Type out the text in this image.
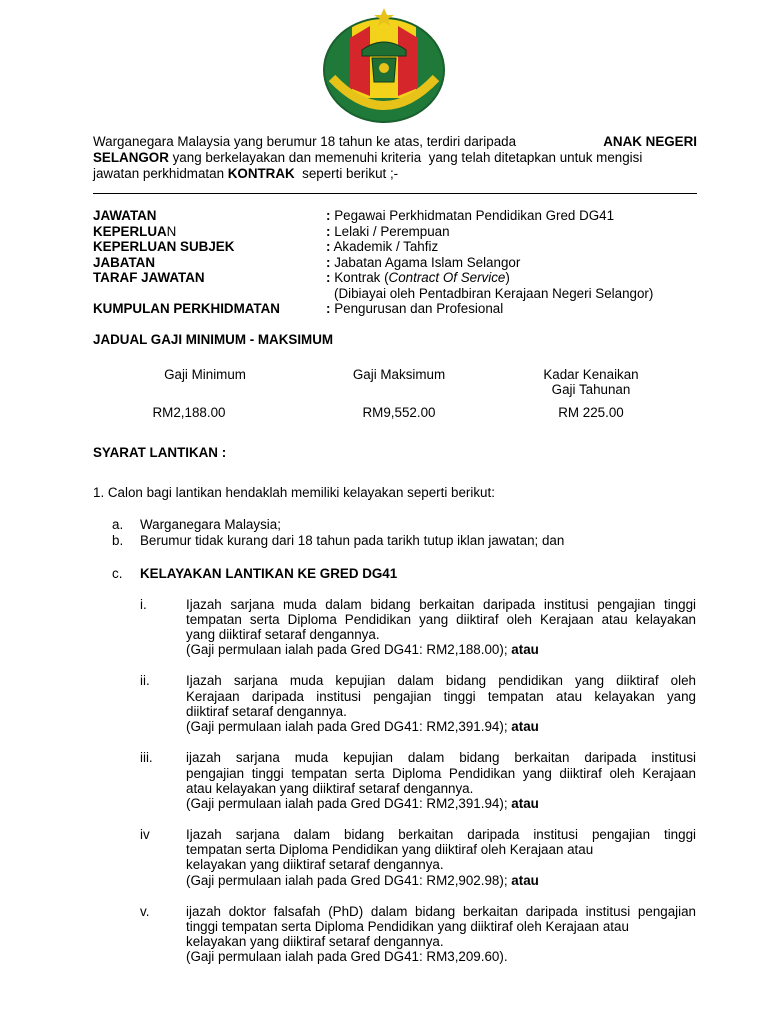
Warganegara Malaysia yang berumur 18 tahun ke atas, terdiri daripada	ANAK NEGERI
SELANGOR yang berkelayakan dan memenuhi kriteria  yang telah ditetapkan untuk mengisi
jawatan perkhidmatan KONTRAK  seperti berikut ;-
JAWATAN	: Pegawai Perkhidmatan Pendidikan Gred DG41
KEPERLUAN	: Lelaki / Perempuan
KEPERLUAN SUBJEK	: Akademik / Tahfiz
JABATAN	: Jabatan Agama Islam Selangor
TARAF JAWATAN	: Kontrak (Contract Of Service)
(Dibiayai oleh Pentadbiran Kerajaan Negeri Selangor)
KUMPULAN PERKHIDMATAN	: Pengurusan dan Profesional
JADUAL GAJI MINIMUM - MAKSIMUM
Gaji Minimum	Gaji Maksimum	Kadar Kenaikan
Gaji Tahunan
RM2,188.00	RM9,552.00	RM 225.00
SYARAT LANTIKAN :
1. Calon bagi lantikan hendaklah memiliki kelayakan seperti berikut:
a. Warganegara Malaysia;
b. Berumur tidak kurang dari 18 tahun pada tarikh tutup iklan jawatan; dan
c. KELAYAKAN LANTIKAN KE GRED DG41
i.	Ijazah sarjana muda dalam bidang berkaitan daripada institusi pengajian tinggi
tempatan serta Diploma Pendidikan yang diiktiraf oleh Kerajaan atau kelayakan
yang diiktiraf setaraf dengannya.
(Gaji permulaan ialah pada Gred DG41: RM2,188.00); atau
ii.	Ijazah sarjana muda kepujian dalam bidang pendidikan yang diiktiraf oleh
Kerajaan daripada institusi pengajian tinggi tempatan atau kelayakan yang
diiktiraf setaraf dengannya.
(Gaji permulaan ialah pada Gred DG41: RM2,391.94); atau
iii. ijazah sarjana muda kepujian dalam bidang berkaitan daripada institusi
pengajian tinggi tempatan serta Diploma Pendidikan yang diiktiraf oleh Kerajaan
atau kelayakan yang diiktiraf setaraf dengannya.
(Gaji permulaan ialah pada Gred DG41: RM2,391.94); atau
iv	Ijazah sarjana dalam bidang berkaitan daripada institusi pengajian tinggi
tempatan serta Diploma Pendidikan yang diiktiraf oleh Kerajaan atau
kelayakan yang diiktiraf setaraf dengannya.
(Gaji permulaan ialah pada Gred DG41: RM2,902.98); atau
v.	ijazah doktor falsafah (PhD) dalam bidang berkaitan daripada institusi pengajian
tinggi tempatan serta Diploma Pendidikan yang diiktiraf oleh Kerajaan atau
kelayakan yang diiktiraf setaraf dengannya.
(Gaji permulaan ialah pada Gred DG41: RM3,209.60).
